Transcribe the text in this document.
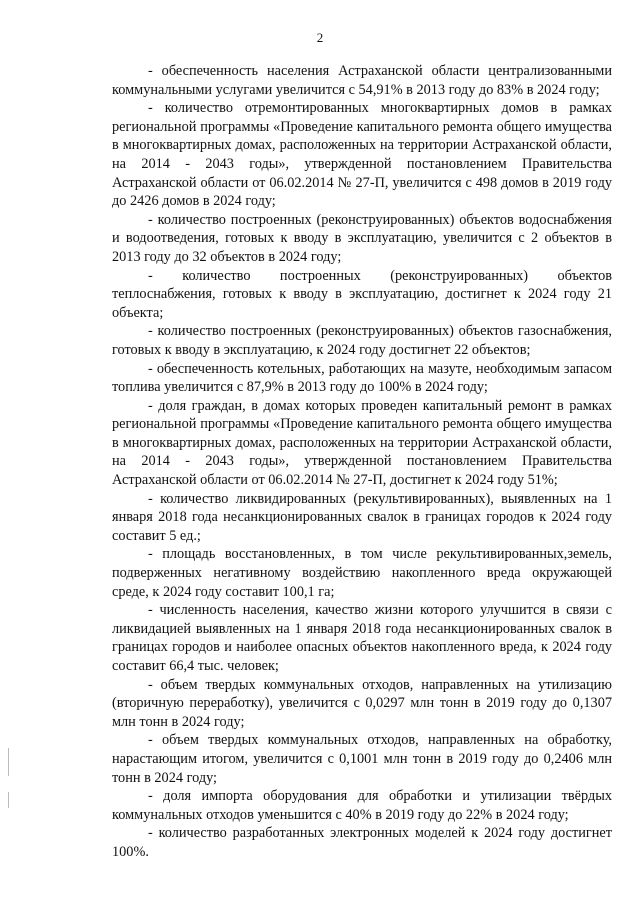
2

- обеспеченность населения Астраханской области централизованными коммунальными услугами увеличится с 54,91% в 2013 году до 83% в 2024 году;

- количество отремонтированных многоквартирных домов в рамках региональной программы «Проведение капитального ремонта общего имущества в многоквартирных домах, расположенных на территории Астраханской области, на 2014 - 2043 годы», утвержденной постановлением Правительства Астраханской области от 06.02.2014 № 27-П, увеличится с 498 домов в 2019 году до 2426 домов в 2024 году;

- количество построенных (реконструированных) объектов водоснабжения и водоотведения, готовых к вводу в эксплуатацию, увеличится с 2 объектов в 2013 году до 32 объектов в 2024 году;

- количество построенных (реконструированных) объектов теплоснабжения, готовых к вводу в эксплуатацию, достигнет к 2024 году 21 объекта;

- количество построенных (реконструированных) объектов газоснабжения, готовых к вводу в эксплуатацию, к 2024 году достигнет 22 объектов;

- обеспеченность котельных, работающих на мазуте, необходимым запасом топлива увеличится с 87,9% в 2013 году до 100% в 2024 году;

- доля граждан, в домах которых проведен капитальный ремонт в рамках региональной программы «Проведение капитального ремонта общего имущества в многоквартирных домах, расположенных на территории Астраханской области, на 2014 - 2043 годы», утвержденной постановлением Правительства Астраханской области от 06.02.2014 № 27-П, достигнет к 2024 году 51%;

- количество ликвидированных (рекультивированных), выявленных на 1 января 2018 года несанкционированных свалок в границах городов к 2024 году составит 5 ед.;

- площадь восстановленных, в том числе рекультивированных,земель, подверженных негативному воздействию накопленного вреда окружающей среде, к 2024 году составит 100,1 га;

- численность населения, качество жизни которого улучшится в связи с ликвидацией выявленных на 1 января 2018 года несанкционированных свалок в границах городов и наиболее опасных объектов накопленного вреда, к 2024 году составит 66,4 тыс. человек;

- объем твердых коммунальных отходов, направленных на утилизацию (вторичную переработку), увеличится с 0,0297 млн тонн в 2019 году до 0,1307 млн тонн в 2024 году;

- объем твердых коммунальных отходов, направленных на обработку, нарастающим итогом, увеличится с 0,1001 млн тонн в 2019 году до 0,2406 млн тонн в 2024 году;

- доля импорта оборудования для обработки и утилизации твёрдых коммунальных отходов уменьшится с 40% в 2019 году до 22% в 2024 году;

- количество разработанных электронных моделей к 2024 году достигнет 100%.
